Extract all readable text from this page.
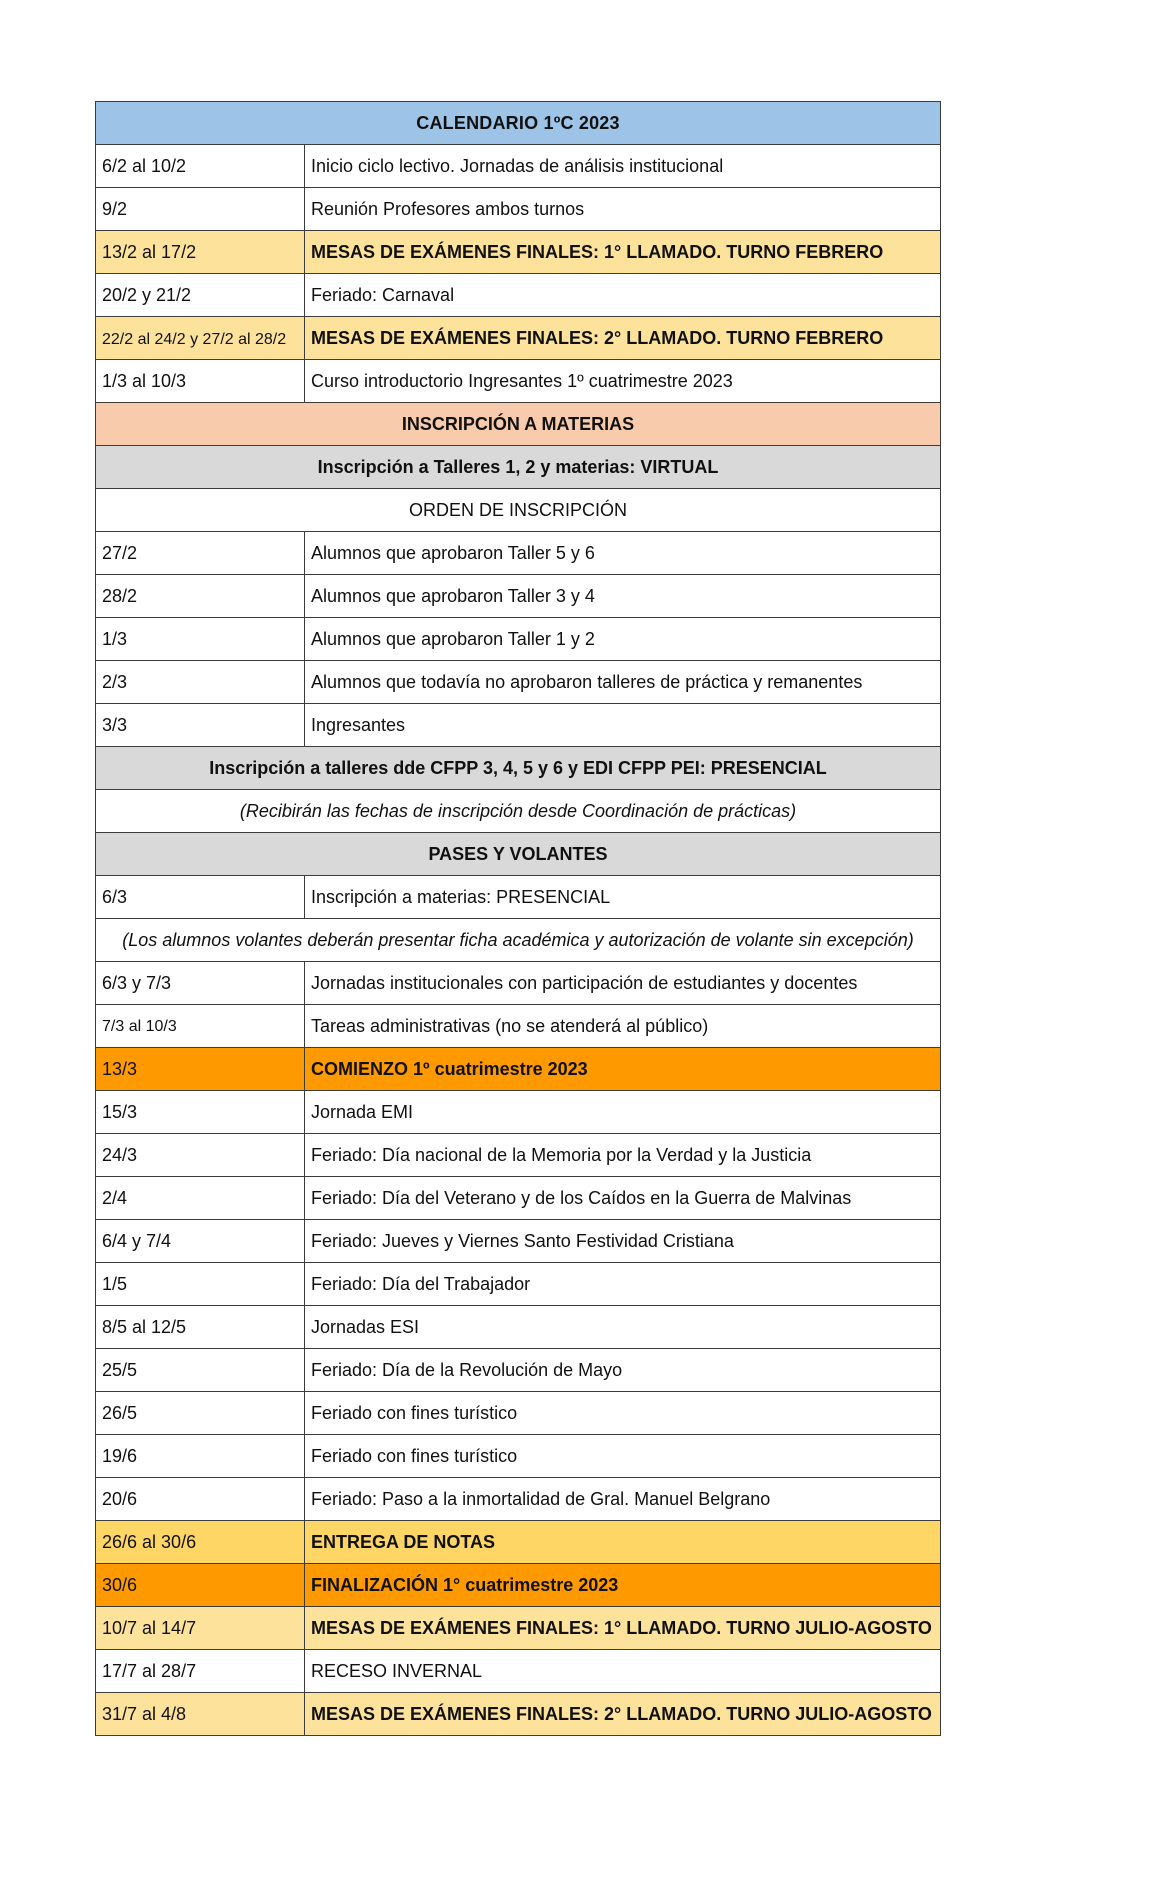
CALENDARIO 1ºC 2023	
6/2 al 10/2	Inicio ciclo lectivo. Jornadas de análisis institucional
9/2	Reunión Profesores ambos turnos
13/2 al 17/2	MESAS DE EXÁMENES FINALES: 1° LLAMADO. TURNO FEBRERO
20/2 y 21/2	Feriado: Carnaval
22/2 al 24/2 y 27/2 al 28/2	MESAS DE EXÁMENES FINALES: 2° LLAMADO. TURNO FEBRERO
1/3 al 10/3	Curso introductorio Ingresantes 1º cuatrimestre 2023
INSCRIPCIÓN A MATERIAS	
Inscripción a Talleres 1, 2 y materias: VIRTUAL	
ORDEN DE INSCRIPCIÓN	
27/2	Alumnos que aprobaron Taller 5 y 6
28/2	Alumnos que aprobaron Taller 3 y 4
1/3	Alumnos que aprobaron Taller 1 y 2
2/3	Alumnos que todavía no aprobaron talleres de práctica y remanentes
3/3	Ingresantes
Inscripción a talleres dde CFPP 3, 4, 5 y 6 y EDI CFPP PEI: PRESENCIAL	
(Recibirán las fechas de inscripción desde Coordinación de prácticas)	
PASES Y VOLANTES	
6/3	Inscripción a materias: PRESENCIAL
(Los alumnos volantes deberán presentar ficha académica y autorización de volante sin excepción)	
6/3 y 7/3	Jornadas institucionales con participación de estudiantes y docentes
7/3 al 10/3	Tareas administrativas (no se atenderá al público)
13/3	COMIENZO 1º cuatrimestre 2023
15/3	Jornada EMI
24/3	Feriado: Día nacional de la Memoria por la Verdad y la Justicia
2/4	Feriado: Día del Veterano y de los Caídos en la Guerra de Malvinas
6/4 y 7/4	Feriado: Jueves y Viernes Santo Festividad Cristiana
1/5	Feriado: Día del Trabajador
8/5 al 12/5	Jornadas ESI
25/5	Feriado: Día de la Revolución de Mayo
26/5	Feriado con fines turístico
19/6	Feriado con fines turístico
20/6	Feriado: Paso a la inmortalidad de Gral. Manuel Belgrano
26/6 al 30/6	ENTREGA DE NOTAS
30/6	FINALIZACIÓN 1° cuatrimestre 2023
10/7 al 14/7	MESAS DE EXÁMENES FINALES: 1° LLAMADO. TURNO JULIO-AGOSTO
17/7 al 28/7	RECESO INVERNAL
31/7 al 4/8	MESAS DE EXÁMENES FINALES: 2° LLAMADO. TURNO JULIO-AGOSTO
